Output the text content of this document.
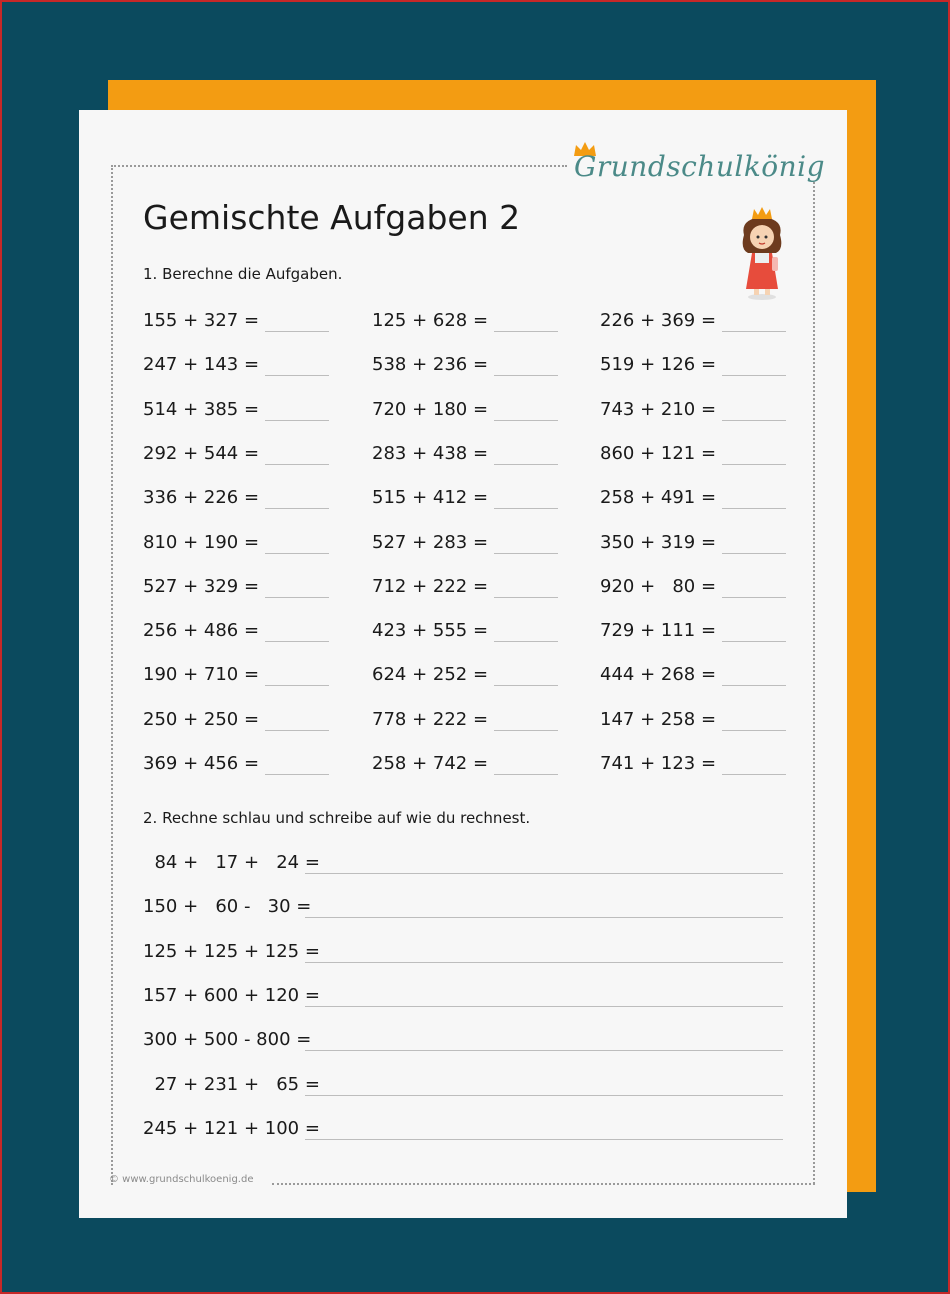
Grundschulkönig
Gemischte Aufgaben 2
1. Berechne die Aufgaben.
155 + 327 =
247 + 143 =
514 + 385 =
292 + 544 =
336 + 226 =
810 + 190 =
527 + 329 =
256 + 486 =
190 + 710 =
250 + 250 =
369 + 456 =
125 + 628 =
538 + 236 =
720 + 180 =
283 + 438 =
515 + 412 =
527 + 283 =
712 + 222 =
423 + 555 =
624 + 252 =
778 + 222 =
258 + 742 =
226 + 369 =
519 + 126 =
743 + 210 =
860 + 121 =
258 + 491 =
350 + 319 =
920 +   80 =
729 + 111 =
444 + 268 =
147 + 258 =
741 + 123 =
2. Rechne schlau und schreibe auf wie du rechnest.
84 +   17 +   24 =
150 +   60 -   30 =
125 + 125 + 125 =
157 + 600 + 120 =
300 + 500 - 800 =
27 + 231 +   65 =
245 + 121 + 100 =
© www.grundschulkoenig.de
